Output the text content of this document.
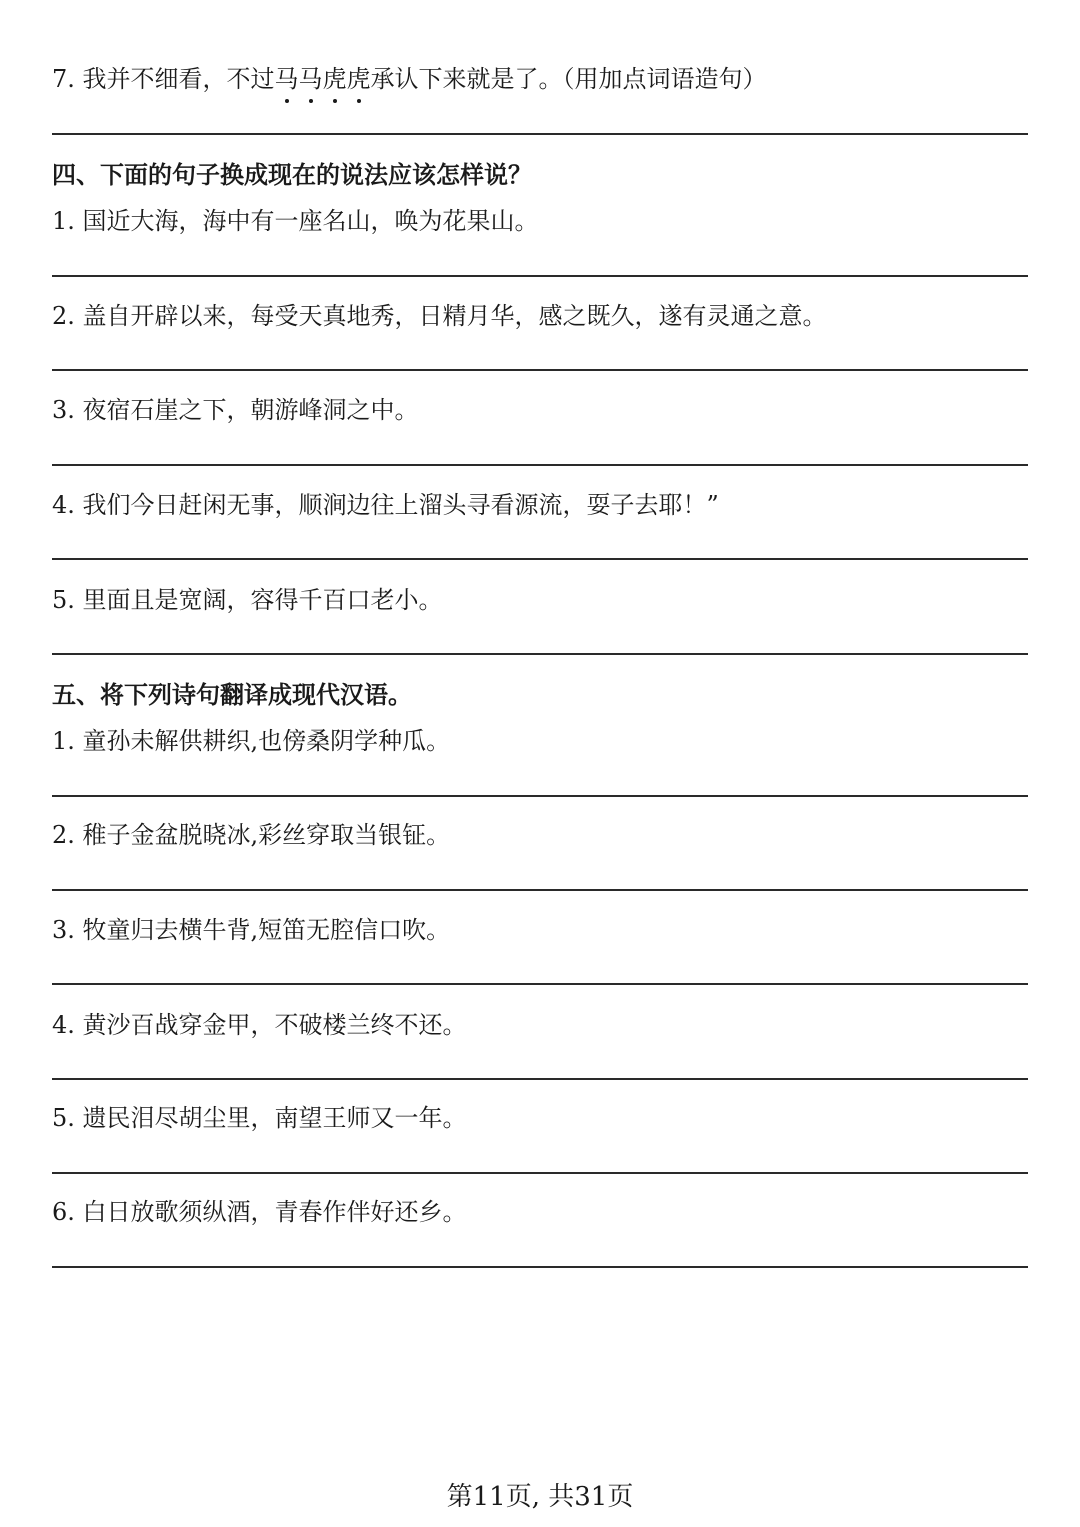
7. 我并不细看，不过马马虎虎承认下来就是了。（用加点词语造句）
四、下面的句子换成现在的说法应该怎样说？
1. 国近大海，海中有一座名山，唤为花果山。
2. 盖自开辟以来，每受天真地秀，日精月华，感之既久，遂有灵通之意。
3. 夜宿石崖之下，朝游峰洞之中。
4. 我们今日赶闲无事，顺涧边往上溜头寻看源流，耍子去耶！”
5. 里面且是宽阔，容得千百口老小。
五、将下列诗句翻译成现代汉语。
1. 童孙未解供耕织,也傍桑阴学种瓜。
2. 稚子金盆脱晓冰,彩丝穿取当银钲。
3. 牧童归去横牛背,短笛无腔信口吹。
4. 黄沙百战穿金甲，不破楼兰终不还。
5. 遗民泪尽胡尘里，南望王师又一年。
6. 白日放歌须纵酒，青春作伴好还乡。
第11页, 共31页
